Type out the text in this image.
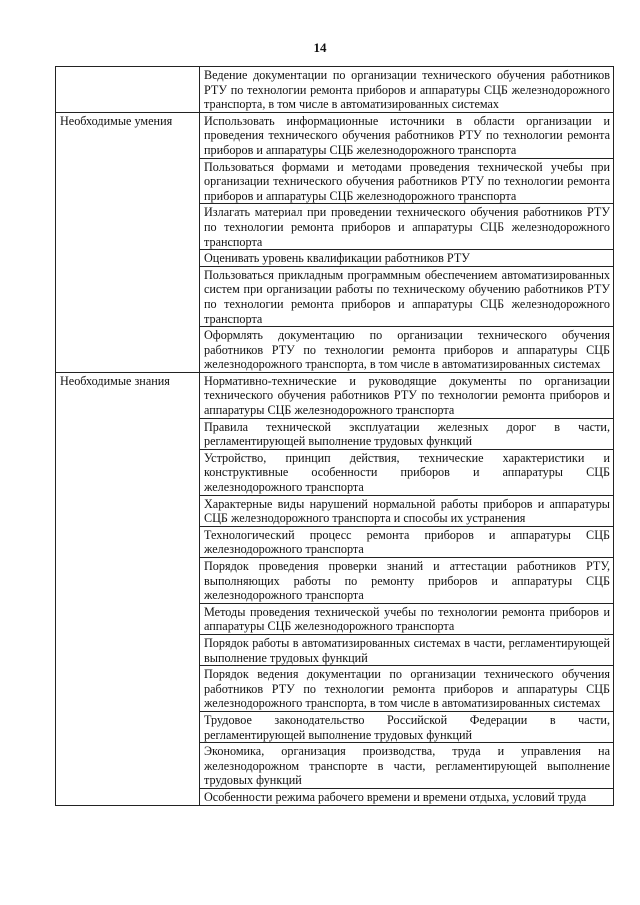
14
	Ведение документации по организации технического обучения работников РТУ по технологии ремонта приборов и аппаратуры СЦБ железнодорожного транспорта, в том числе в автоматизированных системах
Необходимые умения	Использовать информационные источники в области организации и проведения технического обучения работников РТУ по технологии ремонта приборов и аппаратуры СЦБ железнодорожного транспорта
	Пользоваться формами и методами проведения технической учебы при организации технического обучения работников РТУ по технологии ремонта приборов и аппаратуры СЦБ железнодорожного транспорта
	Излагать материал при проведении технического обучения работников РТУ по технологии ремонта приборов и аппаратуры СЦБ железнодорожного транспорта
	Оценивать уровень квалификации работников РТУ
	Пользоваться прикладным программным обеспечением автоматизированных систем при организации работы по техническому обучению работников РТУ по технологии ремонта приборов и аппаратуры СЦБ железнодорожного транспорта
	Оформлять документацию по организации технического обучения работников РТУ по технологии ремонта приборов и аппаратуры СЦБ железнодорожного транспорта, в том числе в автоматизированных системах
Необходимые знания	Нормативно-технические и руководящие документы по организации технического обучения работников РТУ по технологии ремонта приборов и аппаратуры СЦБ железнодорожного транспорта
	Правила технической эксплуатации железных дорог в части, регламентирующей выполнение трудовых функций
	Устройство, принцип действия, технические характеристики и конструктивные особенности приборов и аппаратуры СЦБ железнодорожного транспорта
	Характерные виды нарушений нормальной работы приборов и аппаратуры СЦБ железнодорожного транспорта и способы их устранения
	Технологический процесс ремонта приборов и аппаратуры СЦБ железнодорожного транспорта
	Порядок проведения проверки знаний и аттестации работников РТУ, выполняющих работы по ремонту приборов и аппаратуры СЦБ железнодорожного транспорта
	Методы проведения технической учебы по технологии ремонта приборов и аппаратуры СЦБ железнодорожного транспорта
	Порядок работы в автоматизированных системах в части, регламентирующей выполнение трудовых функций
	Порядок ведения документации по организации технического обучения работников РТУ по технологии ремонта приборов и аппаратуры СЦБ железнодорожного транспорта, в том числе в автоматизированных системах
	Трудовое законодательство Российской Федерации в части, регламентирующей выполнение трудовых функций
	Экономика, организация производства, труда и управления на железнодорожном транспорте в части, регламентирующей выполнение трудовых функций
	Особенности режима рабочего времени и времени отдыха, условий труда
